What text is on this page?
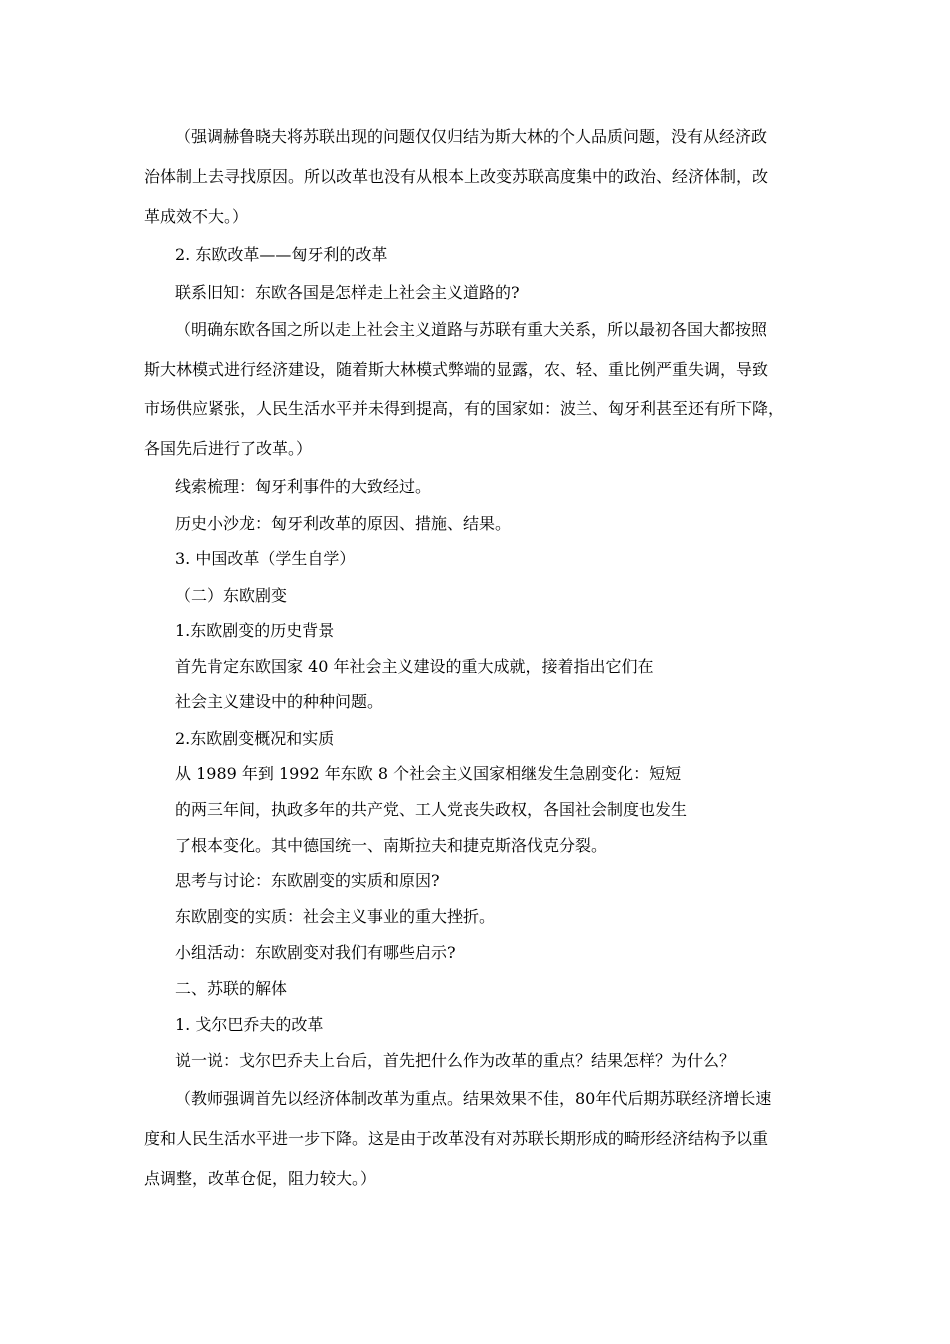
（强调赫鲁晓夫将苏联出现的问题仅仅归结为斯大林的个人品质问题，没有从经济政
治体制上去寻找原因。所以改革也没有从根本上改变苏联高度集中的政治、经济体制，改
革成效不大。）
2. 东欧改革——匈牙利的改革
联系旧知：东欧各国是怎样走上社会主义道路的?
（明确东欧各国之所以走上社会主义道路与苏联有重大关系，所以最初各国大都按照
斯大林模式进行经济建设，随着斯大林模式弊端的显露，农、轻、重比例严重失调，导致
市场供应紧张，人民生活水平并未得到提高，有的国家如：波兰、匈牙利甚至还有所下降，
各国先后进行了改革。）
线索梳理：匈牙利事件的大致经过。
历史小沙龙：匈牙利改革的原因、措施、结果。
3. 中国改革（学生自学）
（二）东欧剧变
1.东欧剧变的历史背景
首先肯定东欧国家 40 年社会主义建设的重大成就，接着指出它们在
社会主义建设中的种种问题。
2.东欧剧变概况和实质
从 1989 年到 1992 年东欧 8 个社会主义国家相继发生急剧变化：短短
的两三年间，执政多年的共产党、工人党丧失政权，各国社会制度也发生
了根本变化。其中德国统一、南斯拉夫和捷克斯洛伐克分裂。
思考与讨论：东欧剧变的实质和原因?
东欧剧变的实质：社会主义事业的重大挫折。
小组活动：东欧剧变对我们有哪些启示?
二、苏联的解体
1. 戈尔巴乔夫的改革
说一说：戈尔巴乔夫上台后，首先把什么作为改革的重点？结果怎样？为什么？
（教师强调首先以经济体制改革为重点。结果效果不佳，80年代后期苏联经济增长速
度和人民生活水平进一步下降。这是由于改革没有对苏联长期形成的畸形经济结构予以重
点调整，改革仓促，阻力较大。）
